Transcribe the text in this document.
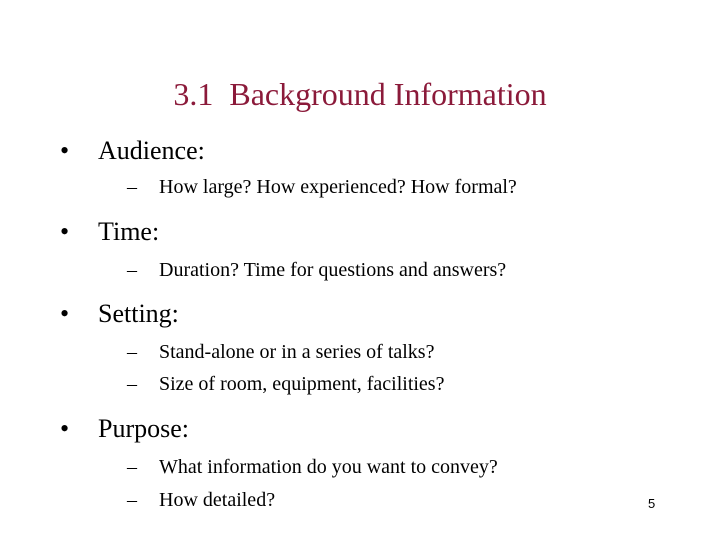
3.1  Background Information
• Audience:
– How large? How experienced? How formal?
• Time:
– Duration? Time for questions and answers?
• Setting:
– Stand-alone or in a series of talks?
– Size of room, equipment, facilities?
• Purpose:
– What information do you want to convey?
– How detailed?	5
